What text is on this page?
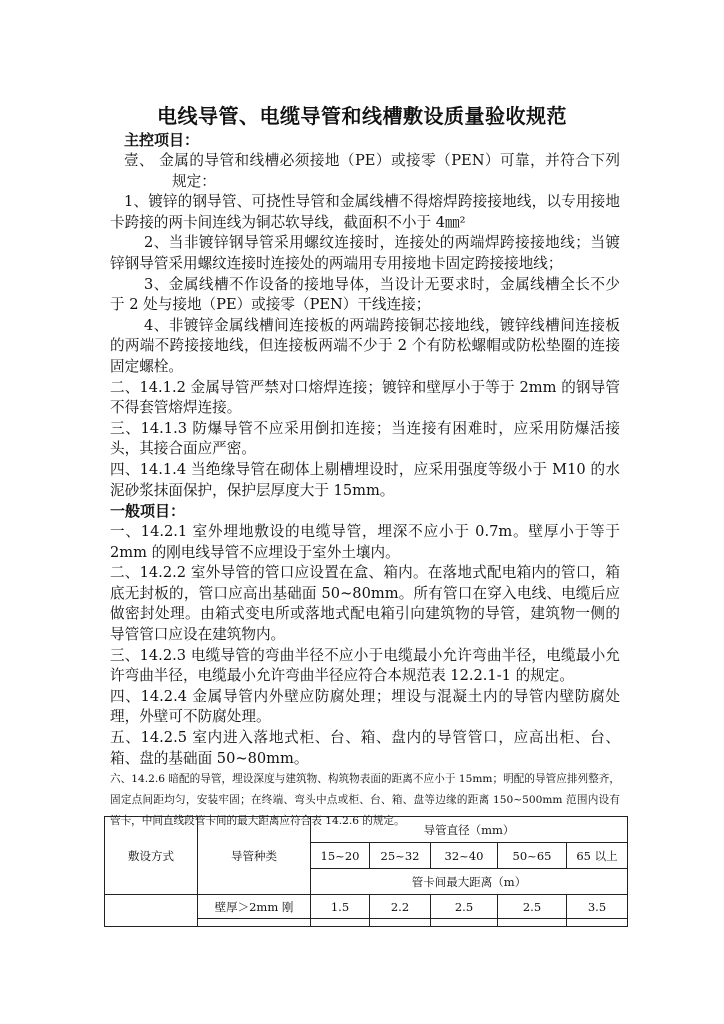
电线导管、电缆导管和线槽敷设质量验收规范

主控项目：

壹、 金属的导管和线槽必须接地（PE）或接零（PEN）可靠，并符合下列规定：

1、镀锌的钢导管、可挠性导管和金属线槽不得熔焊跨接接地线，以专用接地卡跨接的两卡间连线为铜芯软导线，截面积不小于 4㎜²

2、当非镀锌钢导管采用螺纹连接时，连接处的两端焊跨接接地线；当镀锌钢导管采用螺纹连接时连接处的两端用专用接地卡固定跨接接地线；

3、金属线槽不作设备的接地导体，当设计无要求时，金属线槽全长不少于 2 处与接地（PE）或接零（PEN）干线连接；

4、非镀锌金属线槽间连接板的两端跨接铜芯接地线，镀锌线槽间连接板的两端不跨接接地线，但连接板两端不少于 2 个有防松螺帽或防松垫圈的连接固定螺栓。

二、14.1.2 金属导管严禁对口熔焊连接；镀锌和壁厚小于等于 2mm 的钢导管不得套管熔焊连接。

三、14.1.3 防爆导管不应采用倒扣连接；当连接有困难时，应采用防爆活接头，其接合面应严密。

四、14.1.4 当绝缘导管在砌体上剔槽埋设时，应采用强度等级小于 M10 的水泥砂浆抹面保护，保护层厚度大于 15mm。

一般项目：

一、14.2.1 室外埋地敷设的电缆导管，埋深不应小于 0.7m。壁厚小于等于 2mm 的刚电线导管不应埋设于室外土壤内。

二、14.2.2 室外导管的管口应设置在盒、箱内。在落地式配电箱内的管口，箱底无封板的，管口应高出基础面 50~80mm。所有管口在穿入电线、电缆后应做密封处理。由箱式变电所或落地式配电箱引向建筑物的导管，建筑物一侧的导管管口应设在建筑物内。

三、14.2.3 电缆导管的弯曲半径不应小于电缆最小允许弯曲半径，电缆最小允许弯曲半径，电缆最小允许弯曲半径应符合本规范表 12.2.1-1 的规定。

四、14.2.4 金属导管内外壁应防腐处理；埋设与混凝土内的导管内壁防腐处理，外壁可不防腐处理。

五、14.2.5 室内进入落地式柜、台、箱、盘内的导管管口，应高出柜、台、箱、盘的基础面 50~80mm。

六、14.2.6 暗配的导管，埋设深度与建筑物、构筑物表面的距离不应小于 15mm；明配的导管应排列整齐，固定点间距均匀，安装牢固；在终端、弯头中点或柜、台、箱、盘等边缘的距离 150~500mm 范围内设有管卡，中间直线段管卡间的最大距离应符合表 14.2.6 的规定。

敷设方式	导管种类	导管直径（mm）				
		15~20	25~32	32~40	50~65	65 以上
		管卡间最大距离（m）				
	壁厚＞2mm 刚	1.5	2.2	2.5	2.5	3.5
